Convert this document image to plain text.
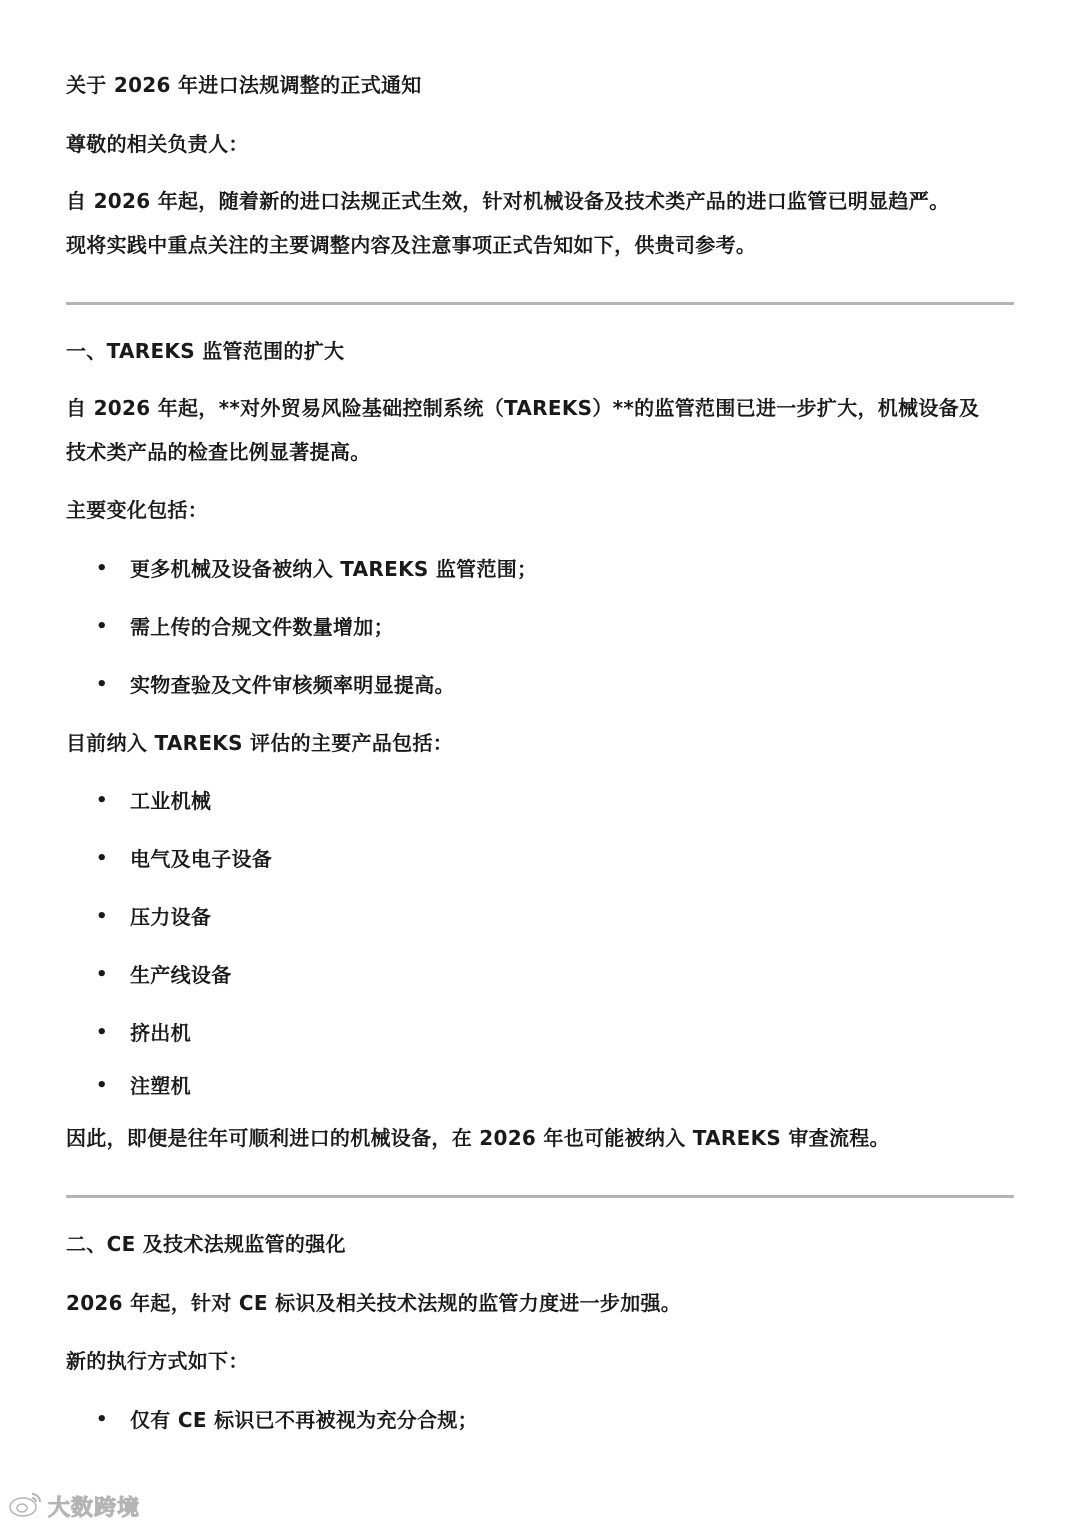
关于 2026 年进口法规调整的正式通知
尊敬的相关负责人：
自 2026 年起，随着新的进口法规正式生效，针对机械设备及技术类产品的进口监管已明显趋严。
现将实践中重点关注的主要调整内容及注意事项正式告知如下，供贵司参考。
一、TAREKS 监管范围的扩大
自 2026 年起，**对外贸易风险基础控制系统（TAREKS）**的监管范围已进一步扩大，机械设备及
技术类产品的检查比例显著提高。
主要变化包括：
• 更多机械及设备被纳入 TAREKS 监管范围；
• 需上传的合规文件数量增加；
• 实物查验及文件审核频率明显提高。
目前纳入 TAREKS 评估的主要产品包括：
• 工业机械
• 电气及电子设备
• 压力设备
• 生产线设备
• 挤出机
• 注塑机
因此，即便是往年可顺利进口的机械设备，在 2026 年也可能被纳入 TAREKS 审查流程。
二、CE 及技术法规监管的强化
2026 年起，针对 CE 标识及相关技术法规的监管力度进一步加强。
新的执行方式如下：
• 仅有 CE 标识已不再被视为充分合规；
大数跨境
